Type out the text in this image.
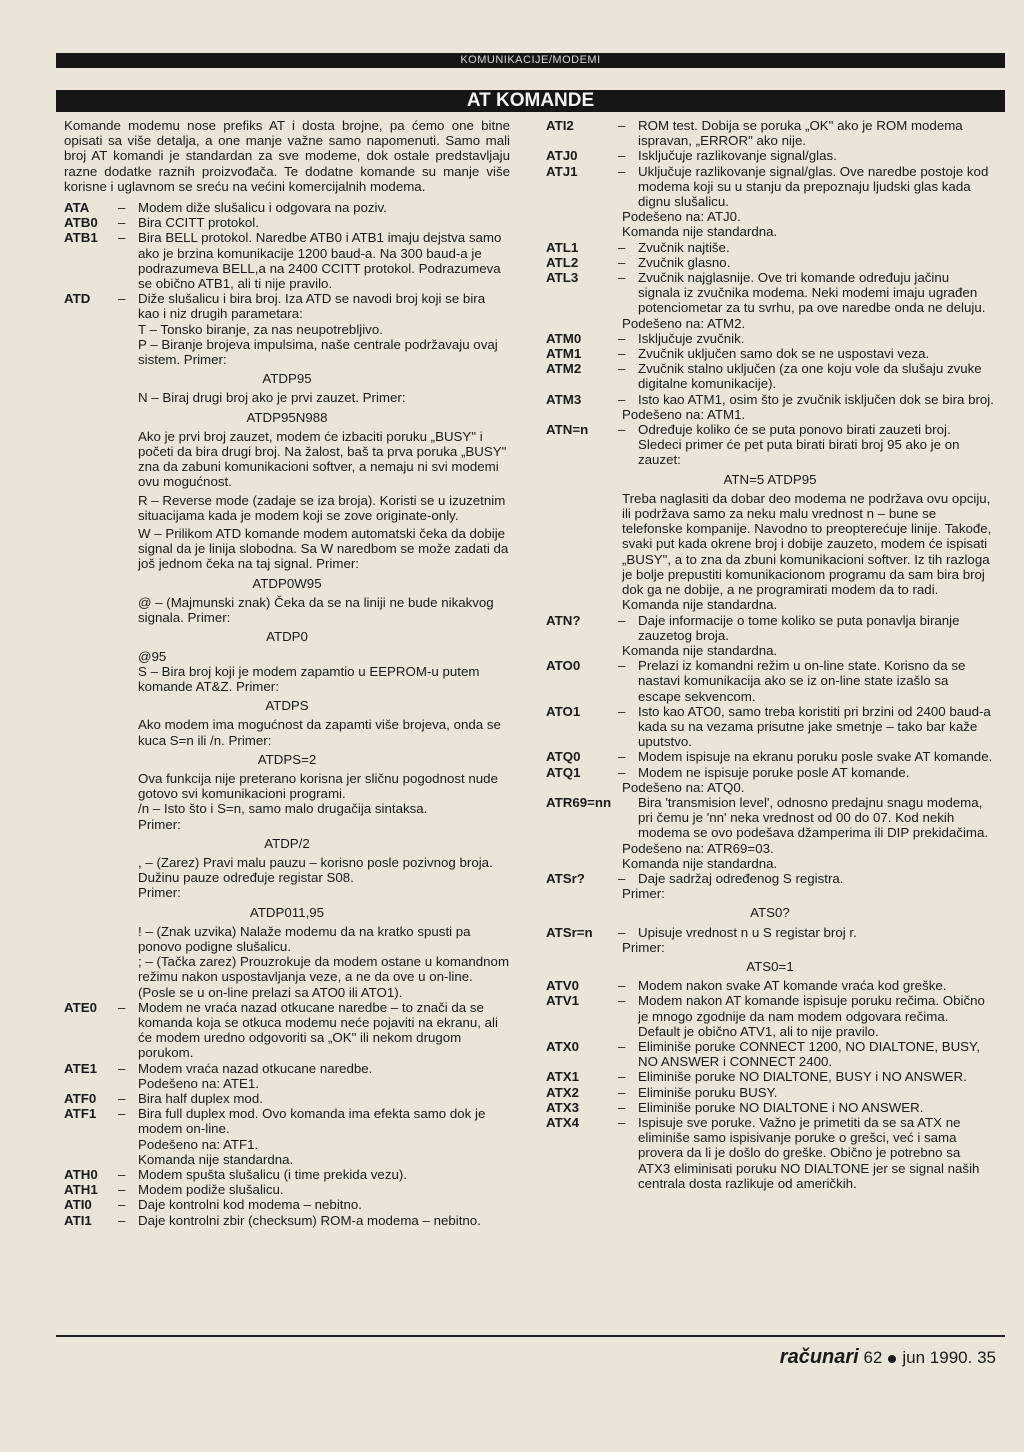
KOMUNIKACIJE/MODEMI
AT KOMANDE
Komande modemu nose prefiks AT i dosta brojne, pa ćemo one bitne opisati sa više detalja, a one manje važne samo napomenuti. Samo mali broj AT komandi je standardan za sve modeme, dok ostale predstavljaju razne dodatke raznih proizvođača. Te dodatne komande su manje više korisne i uglavnom se sreću na većini komercijalnih modema.
ATA	– Modem diže slušalicu i odgovara na poziv.
ATB0	– Bira CCITT protokol.
ATB1	– Bira BELL protokol. Naredbe ATB0 i ATB1 imaju dejstva samo ako je brzina komunikacije 1200 baud-a. Na 300 baud-a je podrazumeva BELL,a na 2400 CCITT protokol. Podrazumeva se obično ATB1, ali ti nije pravilo.
ATD	– Diže slušalicu i bira broj. Iza ATD se navodi broj koji se bira kao i niz drugih parametara:
T – Tonsko biranje, za nas neupotrebljivo.
P – Biranje brojeva impulsima, naše centrale podržavaju ovaj sistem. Primer:
ATDP95
N – Biraj drugi broj ako je prvi zauzet. Primer:
ATDP95N988
Ako je prvi broj zauzet, modem će izbaciti poruku „BUSY" i početi da bira drugi broj. Na žalost, baš ta prva poruka „BUSY" zna da zabuni komunikacioni softver, a nemaju ni svi modemi ovu mogućnost.
R – Reverse mode (zadaje se iza broja). Koristi se u izuzetnim situacijama kada je modem koji se zove originate-only.
W – Prilikom ATD komande modem automatski čeka da dobije signal da je linija slobodna. Sa W naredbom se može zadati da još jednom čeka na taj signal. Primer:
ATDP0W95
@ – (Majmunski znak) Čeka da se na liniji ne bude nikakvog signala. Primer:
ATDP0
@95
S – Bira broj koji je modem zapamtio u EEPROM-u putem komande AT&Z. Primer:
ATDPS
Ako modem ima mogućnost da zapamti više brojeva, onda se kuca S=n ili /n. Primer:
ATDPS=2
Ova funkcija nije preterano korisna jer sličnu pogodnost nude gotovo svi komunikacioni programi.
/n – Isto što i S=n, samo malo drugačija sintaksa.
Primer:
ATDP/2
, – (Zarez) Pravi malu pauzu – korisno posle pozivnog broja. Dužinu pauze određuje registar S08.
Primer:
ATDP011,95
! – (Znak uzvika) Nalaže modemu da na kratko spusti pa ponovo podigne slušalicu.
; – (Tačka zarez) Prouzrokuje da modem ostane u komandnom režimu nakon uspostavljanja veze, a ne da ove u on-line.(Posle se u on-line prelazi sa ATO0 ili ATO1).
ATE0	– Modem ne vraća nazad otkucane naredbe – to znači da se komanda koja se otkuca modemu neće pojaviti na ekranu, ali će modem uredno odgovoriti sa „OK" ili nekom drugom porukom.
ATE1	– Modem vraća nazad otkucane naredbe.
Podešeno na: ATE1.
ATF0	– Bira half duplex mod.
ATF1	– Bira full duplex mod. Ovo komanda ima efekta samo dok je modem on-line.
Podešeno na: ATF1.
Komanda nije standardna.
ATH0	– Modem spušta slušalicu (i time prekida vezu).
ATH1	– Modem podiže slušalicu.
ATI0	– Daje kontrolni kod modema – nebitno.
ATI1	– Daje kontrolni zbir (checksum) ROM-a modema – nebitno.
ATI2	– ROM test. Dobija se poruka „OK" ako je ROM modema ispravan, „ERROR" ako nije.
ATJ0	– Isključuje razlikovanje signal/glas.
ATJ1	– Uključuje razlikovanje signal/glas. Ove naredbe postoje kod modema koji su u stanju da prepoznaju ljudski glas kada dignu slušalicu.
Podešeno na: ATJ0.
Komanda nije standardna.
ATL1	– Zvučnik najtiše.
ATL2	– Zvučnik glasno.
ATL3	– Zvučnik najglasnije. Ove tri komande određuju jačinu signala iz zvučnika modema. Neki modemi imaju ugrađen potenciometar za tu svrhu, pa ove naredbe onda ne deluju.
Podešeno na: ATM2.
ATM0	– Isključuje zvučnik.
ATM1	– Zvučnik uključen samo dok se ne uspostavi veza.
ATM2	– Zvučnik stalno uključen (za one koju vole da slušaju zvuke digitalne komunikacije).
ATM3	– Isto kao ATM1, osim što je zvučnik isključen dok se bira broj.
Podešeno na: ATM1.
ATN=n	– Određuje koliko će se puta ponovo birati zauzeti broj. Sledeci primer će pet puta birati birati broj 95 ako je on zauzet:
ATN=5 ATDP95
Treba naglasiti da dobar deo modema ne podržava ovu opciju, ili podržava samo za neku malu vrednost n – bune se telefonske kompanije. Navodno to preopterećuje linije. Takođe, svaki put kada okrene broj i dobije zauzeto, modem će ispisati „BUSY", a to zna da zbuni komunikacioni softver. Iz tih razloga je bolje prepustiti komunikacionom programu da sam bira broj dok ga ne dobije, a ne programirati modem da to radi.
Komanda nije standardna.
ATN?	– Daje informacije o tome koliko se puta ponavlja biranje zauzetog broja.
Komanda nije standardna.
ATO0	– Prelazi iz komandni režim u on-line state. Korisno da se nastavi komunikacija ako se iz on-line state izašlo sa escape sekvencom.
ATO1	– Isto kao ATO0, samo treba koristiti pri brzini od 2400 baud-a kada su na vezama prisutne jake smetnje – tako bar kaže uputstvo.
ATQ0	– Modem ispisuje na ekranu poruku posle svake AT komande.
ATQ1	– Modem ne ispisuje poruke posle AT komande.
Podešeno na: ATQ0.
ATR69=nn	Bira 'transmision level', odnosno predajnu snagu modema, pri čemu je 'nn' neka vrednost od 00 do 07. Kod nekih modema se ovo podešava džamperima ili DIP prekidačima.
Podešeno na: ATR69=03.
Komanda nije standardna.
ATSr?	– Daje sadržaj određenog S registra.
Primer:
ATS0?
ATSr=n	– Upisuje vrednost n u S registar broj r.
Primer:
ATS0=1
ATV0	– Modem nakon svake AT komande vraća kod greške.
ATV1	– Modem nakon AT komande ispisuje poruku rečima. Obično je mnogo zgodnije da nam modem odgovara rečima. Default je obično ATV1, ali to nije pravilo.
ATX0	– Eliminiše poruke CONNECT 1200, NO DIALTONE, BUSY, NO ANSWER i CONNECT 2400.
ATX1	– Eliminiše poruke NO DIALTONE, BUSY i NO ANSWER.
ATX2	– Eliminiše poruku BUSY.
ATX3	– Eliminiše poruke NO DIALTONE i NO ANSWER.
ATX4	– Ispisuje sve poruke. Važno je primetiti da se sa ATX ne eliminiše samo ispisivanje poruke o grešci, već i sama provera da li je došlo do greške. Obično je potrebno sa ATX3 eliminisati poruku NO DIALTONE jer se signal naših centrala dosta razlikuje od američkih.
računari 62 jun 1990. 35
